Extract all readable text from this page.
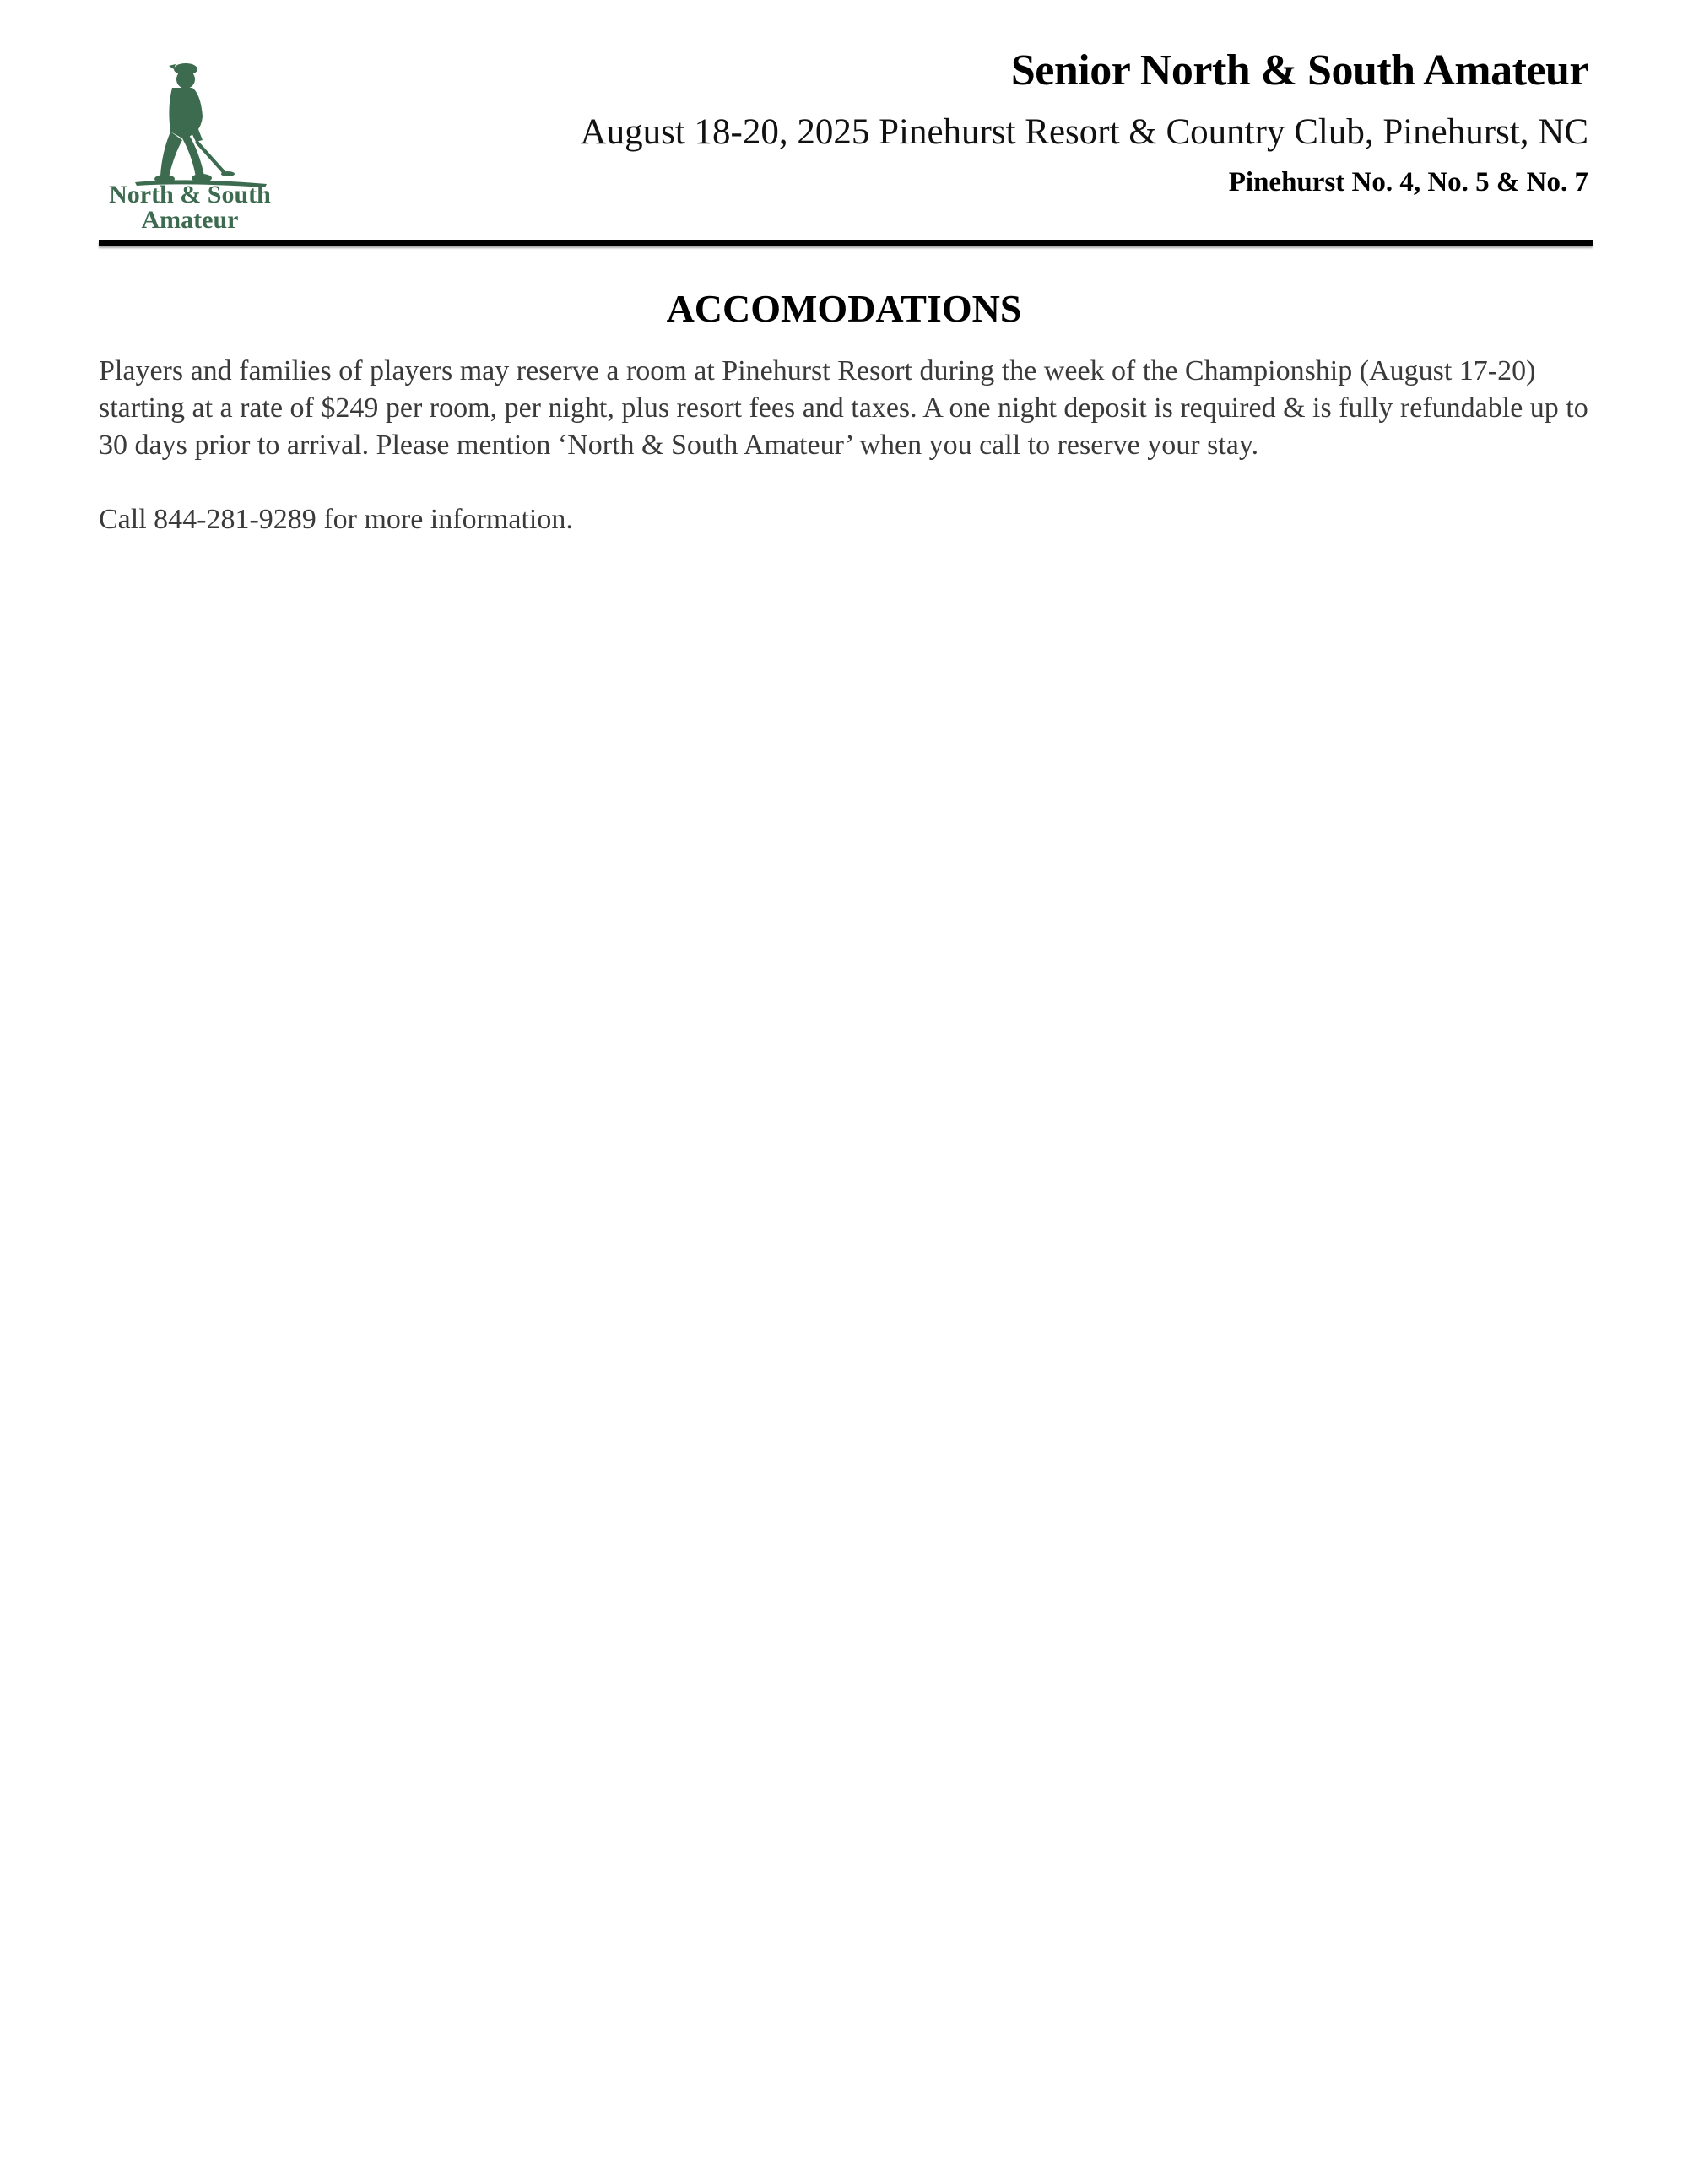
North & South
Amateur
Senior North & South Amateur
August 18-20, 2025 Pinehurst Resort & Country Club, Pinehurst, NC
Pinehurst No. 4, No. 5 & No. 7
ACCOMODATIONS

Players and families of players may reserve a room at Pinehurst Resort during the week of the Championship (August 17-20) starting at a rate of $249 per room, per night, plus resort fees and taxes. A one night deposit is required & is fully refundable up to 30 days prior to arrival. Please mention ‘North & South Amateur’ when you call to reserve your stay.

Call 844-281-9289 for more information.
